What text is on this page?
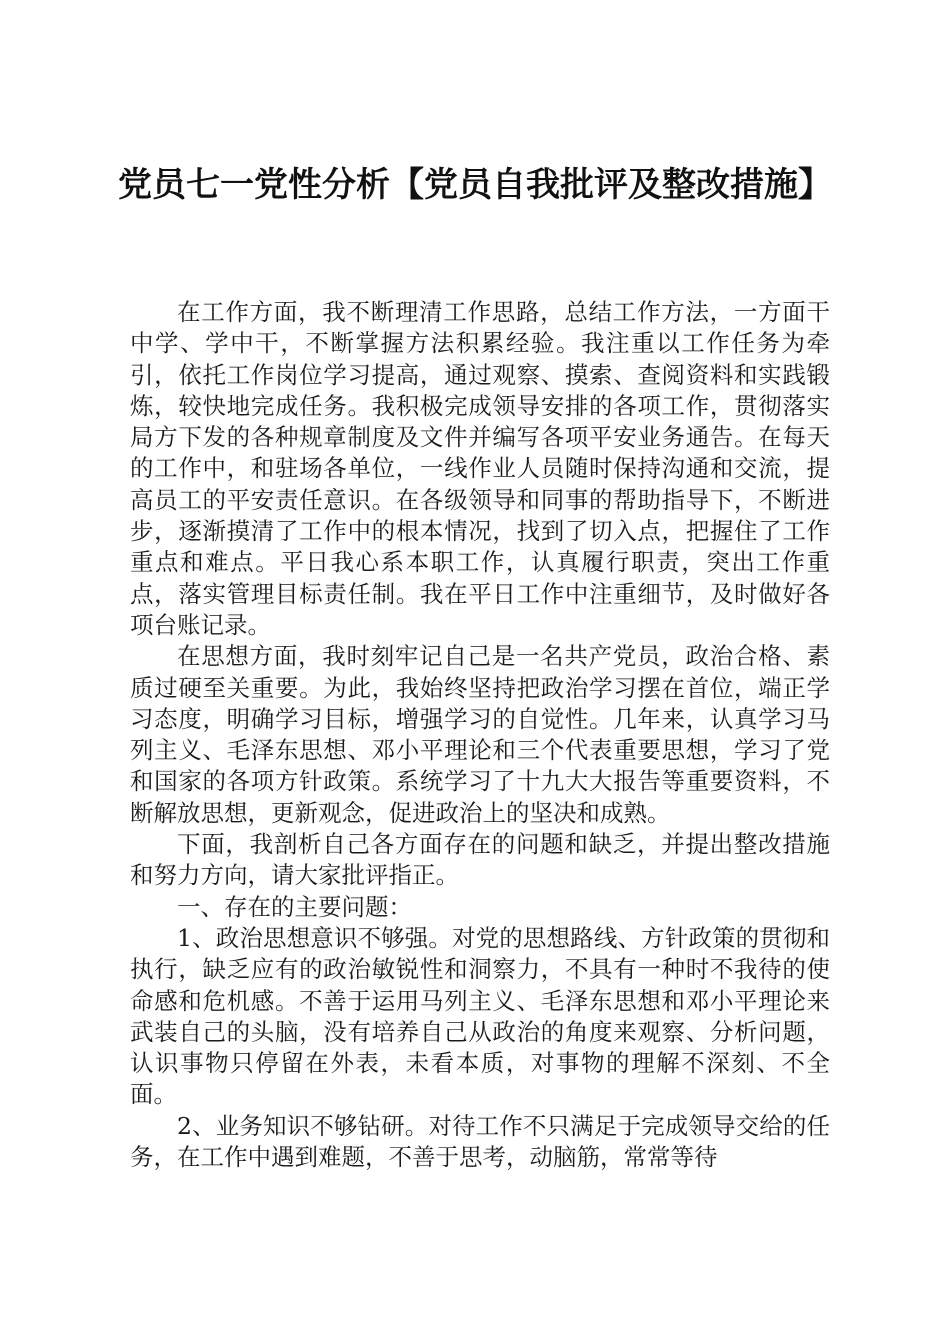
党员七一党性分析【党员自我批评及整改措施】

在工作方面，我不断理清工作思路，总结工作方法，一方面干中学、学中干，不断掌握方法积累经验。我注重以工作任务为牵引，依托工作岗位学习提高，通过观察、摸索、查阅资料和实践锻炼，较快地完成任务。我积极完成领导安排的各项工作，贯彻落实局方下发的各种规章制度及文件并编写各项平安业务通告。在每天的工作中，和驻场各单位，一线作业人员随时保持沟通和交流，提高员工的平安责任意识。在各级领导和同事的帮助指导下，不断进步，逐渐摸清了工作中的根本情况，找到了切入点，把握住了工作重点和难点。平日我心系本职工作，认真履行职责，突出工作重点，落实管理目标责任制。我在平日工作中注重细节，及时做好各项台账记录。

在思想方面，我时刻牢记自己是一名共产党员，政治合格、素质过硬至关重要。为此，我始终坚持把政治学习摆在首位，端正学习态度，明确学习目标，增强学习的自觉性。几年来，认真学习马列主义、毛泽东思想、邓小平理论和三个代表重要思想，学习了党和国家的各项方针政策。系统学习了十九大大报告等重要资料，不断解放思想，更新观念，促进政治上的坚决和成熟。

下面，我剖析自己各方面存在的问题和缺乏，并提出整改措施和努力方向，请大家批评指正。

一、存在的主要问题：

1、政治思想意识不够强。对党的思想路线、方针政策的贯彻和执行，缺乏应有的政治敏锐性和洞察力，不具有一种时不我待的使命感和危机感。不善于运用马列主义、毛泽东思想和邓小平理论来武装自己的头脑，没有培养自己从政治的角度来观察、分析问题，认识事物只停留在外表，未看本质，对事物的理解不深刻、不全面。

2、业务知识不够钻研。对待工作不只满足于完成领导交给的任务，在工作中遇到难题，不善于思考，动脑筋，常常等待
